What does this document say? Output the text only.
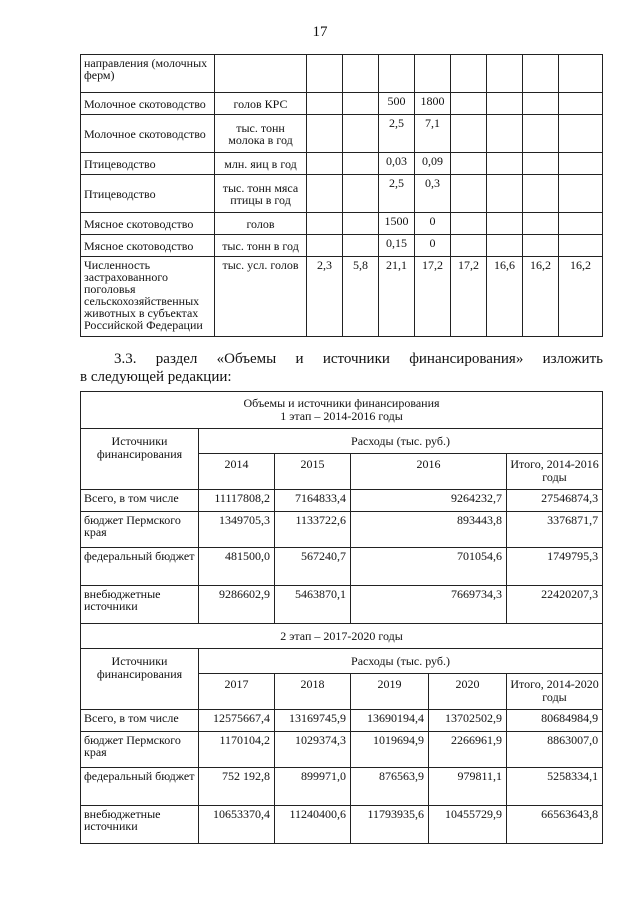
17
направления (молочных ферм)									
Молочное скотоводство	голов КРС			500	1800				
Молочное скотоводство	тыс. тонн молока в год			2,5	7,1				
Птицеводство	млн. яиц в год			0,03	0,09				
Птицеводство	тыс. тонн мяса птицы в год			2,5	0,3				
Мясное скотоводство	голов			1500	0				
Мясное скотоводство	тыс. тонн в год			0,15	0				
Численность застрахованного поголовья сельскохозяйственных животных в субъектах Российской Федерации	тыс. усл. голов	2,3	5,8	21,1	17,2	17,2	16,6	16,2	16,2
3.3. раздел «Объемы и источники финансирования» изложить
в следующей редакции:
Объемы и источники финансирования
1 этап – 2014-2016 годы					

Источники финансирования	Расходы (тыс. руб.)				
	2014	2015	2016		Итого, 2014-2016 годы
Всего, в том числе	11117808,2	7164833,4	9264232,7		27546874,3
бюджет Пермского края	1349705,3	1133722,6	893443,8		3376871,7
федеральный бюджет	481500,0	567240,7	701054,6		1749795,3
внебюджетные источники	9286602,9	5463870,1	7669734,3		22420207,3
2 этап – 2017-2020 годы					
Источники финансирования	Расходы (тыс. руб.)				
	2017	2018	2019	2020	Итого, 2014-2020 годы
Всего, в том числе	12575667,4	13169745,9	13690194,4	13702502,9	80684984,9
бюджет Пермского края	1170104,2	1029374,3	1019694,9	2266961,9	8863007,0
федеральный бюджет	752 192,8	899971,0	876563,9	979811,1	5258334,1
внебюджетные источники	10653370,4	11240400,6	11793935,6	10455729,9	66563643,8
